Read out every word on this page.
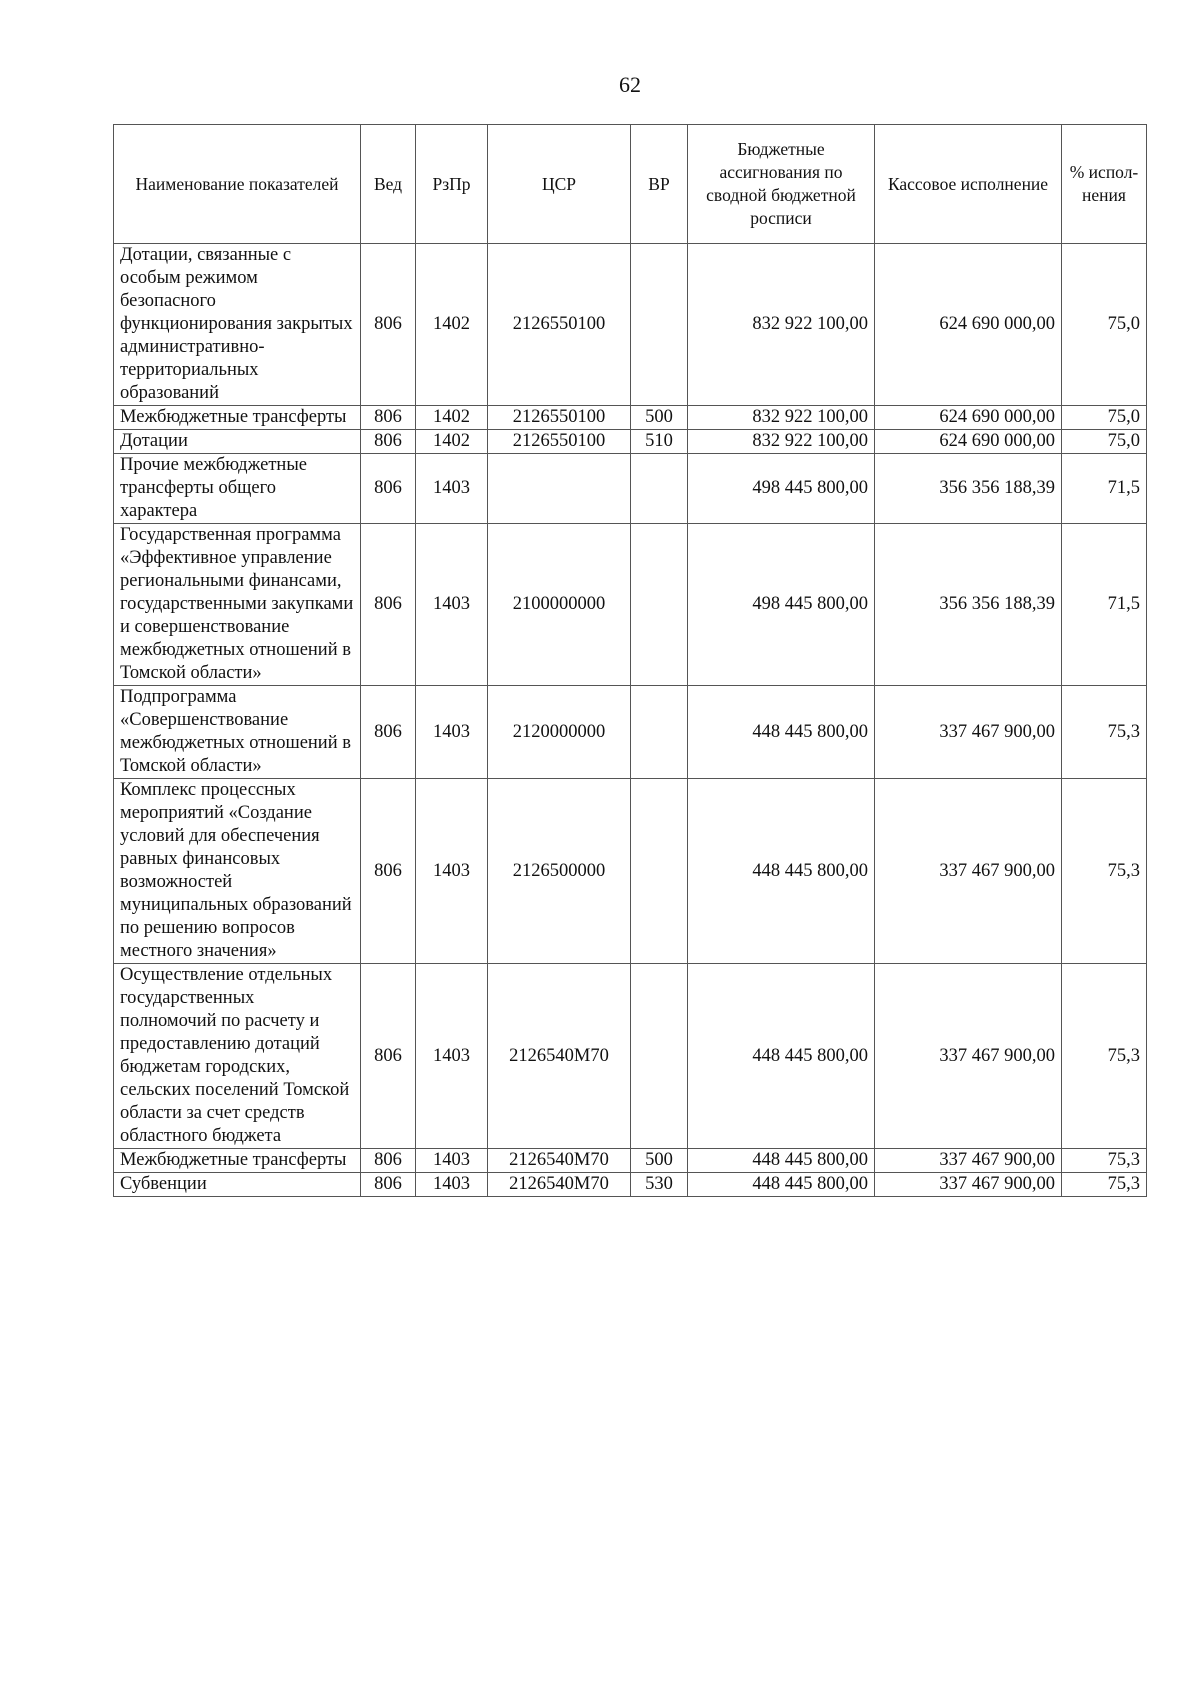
62
Наименование показателей	Вед	РзПр	ЦСР	ВР	Бюджетные ассигнования по сводной бюджетной росписи	Кассовое исполнение	% испол-нения
Дотации, связанные с особым режимом безопасного функционирования закрытых административно-территориальных образований	806	1402	2126550100		832 922 100,00	624 690 000,00	75,0
Межбюджетные трансферты	806	1402	2126550100	500	832 922 100,00	624 690 000,00	75,0
Дотации	806	1402	2126550100	510	832 922 100,00	624 690 000,00	75,0
Прочие межбюджетные трансферты общего характера	806	1403			498 445 800,00	356 356 188,39	71,5
Государственная программа «Эффективное управление региональными финансами, государственными закупками и совершенствование межбюджетных отношений в Томской области»	806	1403	2100000000		498 445 800,00	356 356 188,39	71,5
Подпрограмма «Совершенствование межбюджетных отношений в Томской области»	806	1403	2120000000		448 445 800,00	337 467 900,00	75,3
Комплекс процессных мероприятий «Создание условий для обеспечения равных финансовых возможностей муниципальных образований по решению вопросов местного значения»	806	1403	2126500000		448 445 800,00	337 467 900,00	75,3
Осуществление отдельных государственных полномочий по расчету и предоставлению дотаций бюджетам городских, сельских поселений Томской области за счет средств областного бюджета	806	1403	2126540М70		448 445 800,00	337 467 900,00	75,3
Межбюджетные трансферты	806	1403	2126540М70	500	448 445 800,00	337 467 900,00	75,3
Субвенции	806	1403	2126540М70	530	448 445 800,00	337 467 900,00	75,3
